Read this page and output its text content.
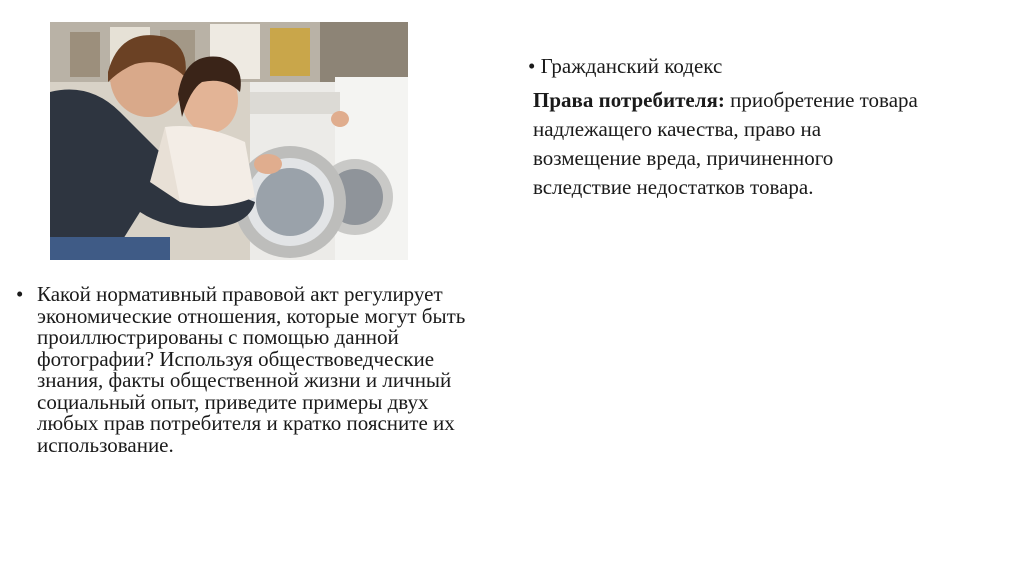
• Какой нормативный правовой акт регулирует экономические отношения, которые могут быть проиллюстрированы с помощью данной фотографии? Используя обществоведческие знания, факты общественной жизни и личный социальный опыт, приведите примеры двух любых прав потребителя и кратко поясните их использование.
• Гражданский кодекс
Права потребителя: приобретение товара надлежащего качества, право на возмещение вреда, причиненного вследствие недостатков товара.
